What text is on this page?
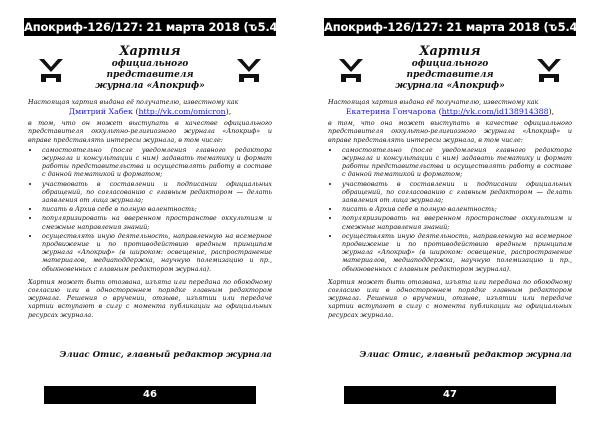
Апокриф-126/127: 21 марта 2018 (ԏ5.4 е.л.)
Хартия
официального представителя
журнала «Апокриф»

Настоящая хартия выдана её получателю, известному как

Дмитрий Хабек (http://vk.com/omicron),

в том, что он может выступать в качестве официального представителя оккультно-религиозного журнала «Апокриф» и вправе представлять интересы журнала, в том числе:

• самостоятельно (после уведомления главного редактора журнала и консультации с ним) задавать тематику и формат работы представительства и осуществлять работу в составе с данной тематикой и форматом;
• участвовать в составлении и подписании официальных обращений, по согласованию с главным редактором — делать заявления от лица журнала;
• писать в Архив себе в полную валентность;
• популяризировать на вверенном пространстве оккультизм и смежные направления знаний;
• осуществлять иную деятельность, направленную на всемерное продвижение и по противодействию вредным принципам журнала «Апокриф» (в широком: освещение, распространение материалов, медиаподдержка, научную полемизацию и пр., обыкновенных с главным редактором журнала).

Хартия может быть отозвана, изъята или передана по обоюдному согласию или в одностороннем порядке главным редактором журнала. Решения о вручении, отзыве, изъятии или передаче хартии вступают в силу с момента публикации на официальных ресурсах журнала.

Элиас Отис, главный редактор журнала
46
Апокриф-126/127: 21 марта 2018 (ԏ5.4 е.л.)
Хартия
официального представителя
журнала «Апокриф»

Настоящая хартия выдана её получателю, известному как

Екатерина Гончарова (http://vk.com/id138914388),

в том, что она может выступать в качестве официального представителя оккультно-религиозного журнала «Апокриф» и вправе представлять интересы журнала, в том числе:

• самостоятельно (после уведомления главного редактора журнала и консультации с ним) задавать тематику и формат работы представительства и осуществлять работу в составе с данной тематикой и форматом;
• участвовать в составлении и подписании официальных обращений, по согласованию с главным редактором — делать заявления от лица журнала;
• писать в Архив себе в полную валентность;
• популяризировать на вверенном пространстве оккультизм и смежные направления знаний;
• осуществлять иную деятельность, направленную на всемерное продвижение и по противодействию вредным принципам журнала «Апокриф» (в широком: освещение, распространение материалов, медиаподдержка, научную полемизацию и пр., обыкновенных с главным редактором журнала).

Хартия может быть отозвана, изъята или передана по обоюдному согласию или в одностороннем порядке главным редактором журнала. Решения о вручении, отзыве, изъятии или передаче хартии вступают в силу с момента публикации на официальных ресурсах журнала.

Элиас Отис, главный редактор журнала
47
